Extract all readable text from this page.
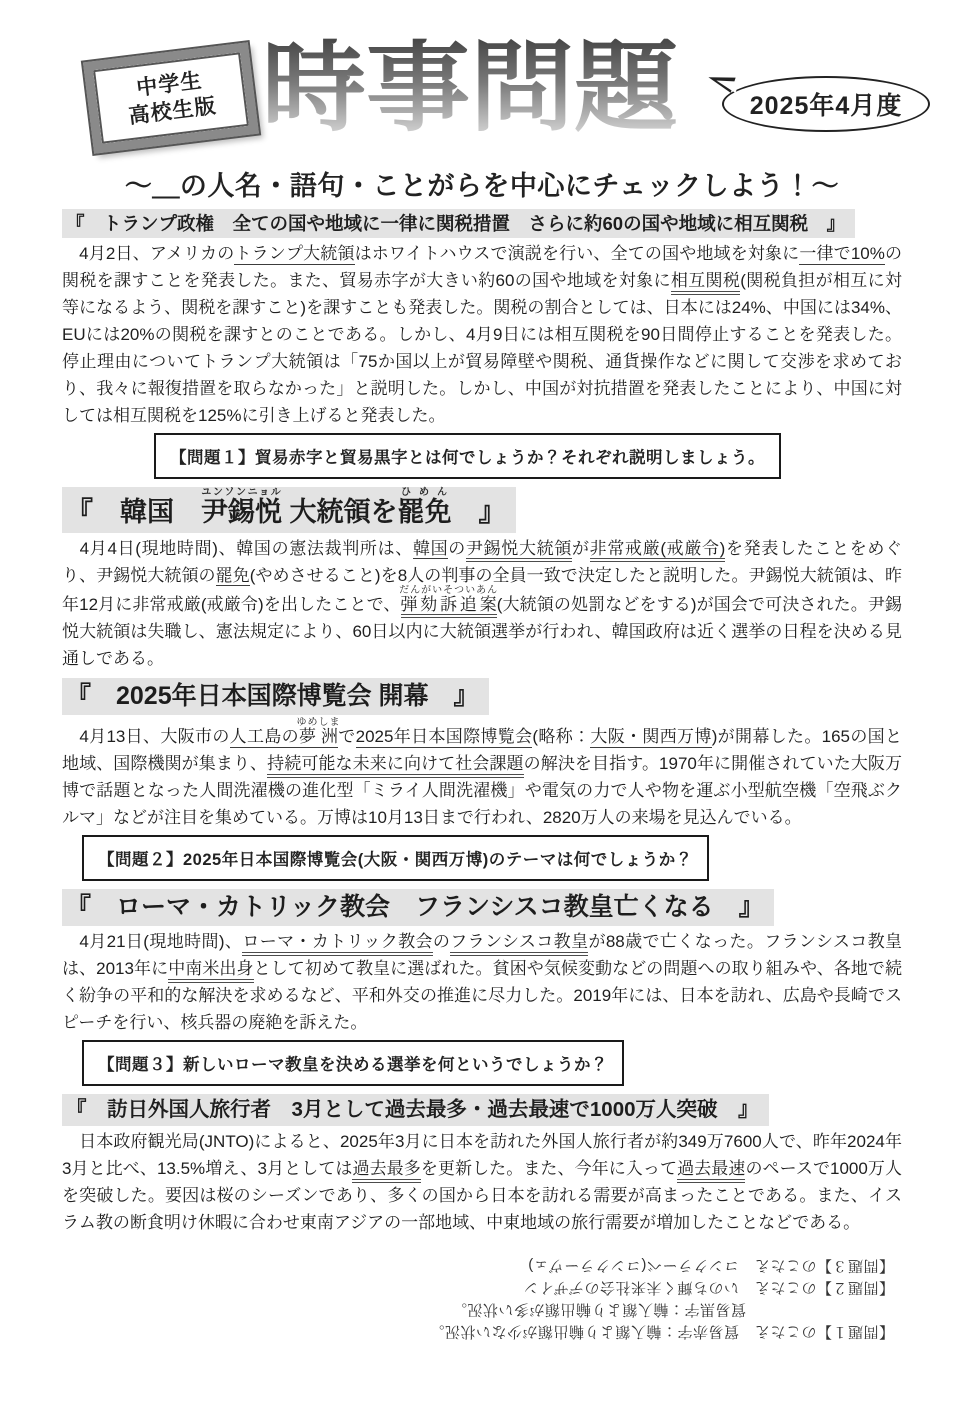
中学生
高校生版 時事問題	2025年4月度
～＿の人名・語句・ことがらを中心にチェックしよう！～
『　トランプ政権　全ての国や地域に一律に関税措置　さらに約60の国や地域に相互関税　』

　4月2日、アメリカのトランプ大統領はホワイトハウスで演説を行い、全ての国や地域を対象に一律で10%の関税を課すことを発表した。また、貿易赤字が大きい約60の国や地域を対象に相互関税(関税負担が相互に対等になるよう、関税を課すこと)を課すことも発表した。関税の割合としては、日本には24%、中国には34%、EUには20%の関税を課すとのことである。しかし、4月9日には相互関税を90日間停止することを発表した。停止理由についてトランプ大統領は「75か国以上が貿易障壁や関税、通貨操作などに関して交渉を求めており、我々に報復措置を取らなかった」と説明した。しかし、中国が対抗措置を発表したことにより、中国に対しては相互関税を125%に引き上げると発表した。

【問題１】貿易赤字と貿易黒字とは何でしょうか？それぞれ説明しましょう。
『　韓国　尹錫悦ユンソンニョル 大統領を罷免ひめん　』

　4月4日(現地時間)、韓国の憲法裁判所は、韓国の尹錫悦大統領が非常戒厳(戒厳令)を発表したことをめぐり、尹錫悦大統領の罷免(やめさせること)を8人の判事の全員一致で決定したと説明した。尹錫悦大統領は、昨年12月に非常戒厳(戒厳令)を出したことで、弾劾訴追案だんがいそついあん(大統領の処罰などをする)が国会で可決された。尹錫悦大統領は失職し、憲法規定により、60日以内に大統領選挙が行われ、韓国政府は近く選挙の日程を決める見通しである。

『　2025年日本国際博覧会 開幕　』

　4月13日、大阪市の人工島の夢洲ゆめしまで2025年日本国際博覧会(略称：大阪・関西万博)が開幕した。165の国と地域、国際機関が集まり、持続可能な未来に向けて社会課題の解決を目指す。1970年に開催されていた大阪万博で話題となった人間洗濯機の進化型「ミライ人間洗濯機」や電気の力で人や物を運ぶ小型航空機「空飛ぶクルマ」などが注目を集めている。万博は10月13日まで行われ、2820万人の来場を見込んでいる。

【問題２】2025年日本国際博覧会(大阪・関西万博)のテーマは何でしょうか？
『　ローマ・カトリック教会　フランシスコ教皇亡くなる　』

　4月21日(現地時間)、ローマ・カトリック教会のフランシスコ教皇が88歳で亡くなった。フランシスコ教皇は、2013年に中南米出身として初めて教皇に選ばれた。貧困や気候変動などの問題への取り組みや、各地で続く紛争の平和的な解決を求めるなど、平和外交の推進に尽力した。2019年には、日本を訪れ、広島や長崎でスピーチを行い、核兵器の廃絶を訴えた。

【問題３】新しいローマ教皇を決める選挙を何というでしょうか？
『　訪日外国人旅行者　3月として過去最多・過去最速で1000万人突破　』

　日本政府観光局(JNTO)によると、2025年3月に日本を訪れた外国人旅行者が約349万7600人で、昨年2024年3月と比べ、13.5%増え、3月としては過去最多を更新した。また、今年に入って過去最速のペースで1000万人を突破した。要因は桜のシーズンであり、多くの国から日本を訪れる需要が高まったことである。また、イスラム教の断食明け休暇に合わせ東南アジアの一部地域、中東地域の旅行需要が増加したことなどである。

【問題１】のこたえ　貿易赤字：輸入額より輸出額が少ない状況。
貿易黒字：輸入額より輸出額が多い状況。
【問題２】のこたえ　いのち輝く未来社会のデザイン
【問題３】のこたえ　コンクラーベ(コンクラーヴェ)
